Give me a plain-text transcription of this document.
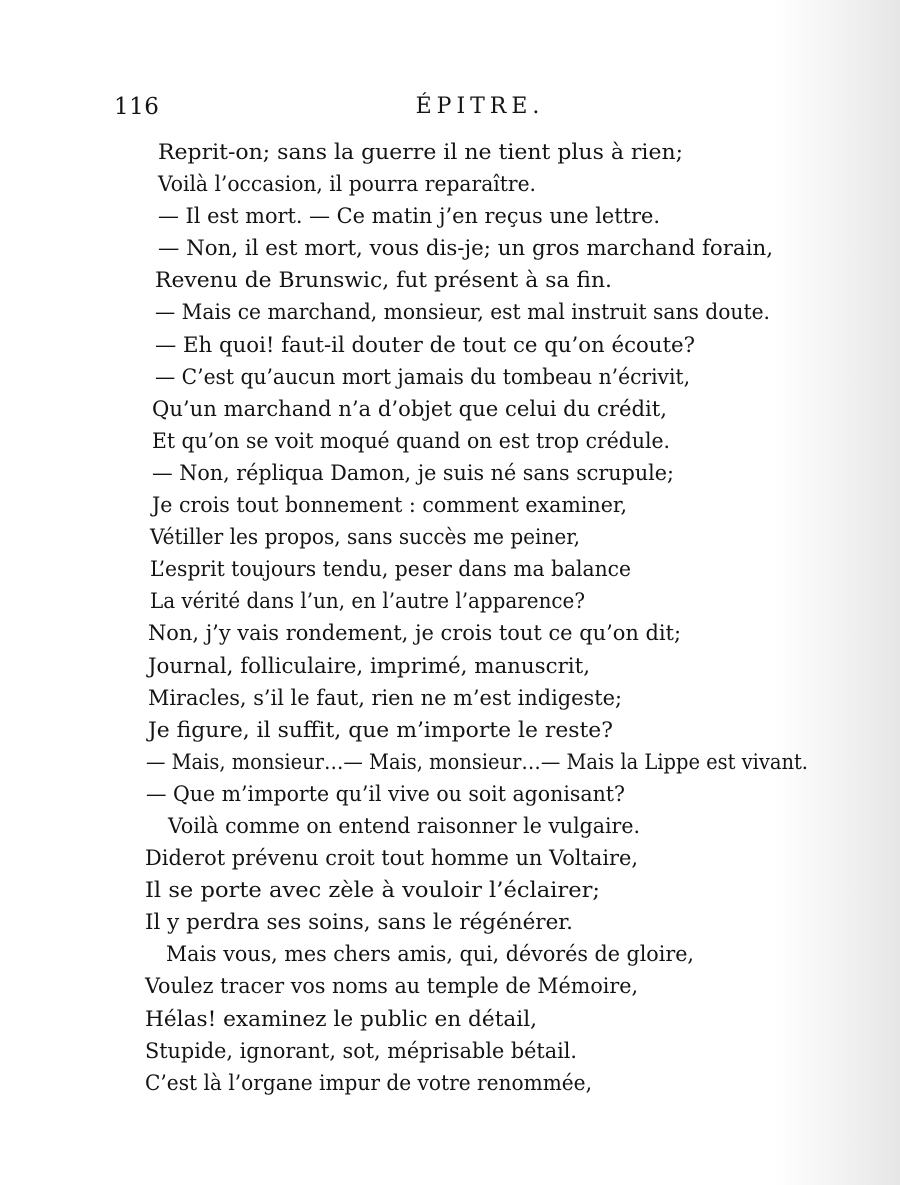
116	ÉPITRE.
Reprit-on; sans la guerre il ne tient plus à rien;
Voilà l’occasion, il pourra reparaître.
— Il est mort. — Ce matin j’en reçus une lettre.
— Non, il est mort, vous dis-je; un gros marchand forain,
Revenu de Brunswic, fut présent à sa fin.
— Mais ce marchand, monsieur, est mal instruit sans doute.
— Eh quoi! faut-il douter de tout ce qu’on écoute?
— C’est qu’aucun mort jamais du tombeau n’écrivit,
Qu’un marchand n’a d’objet que celui du crédit,
Et qu’on se voit moqué quand on est trop crédule.
— Non, répliqua Damon, je suis né sans scrupule;
Je crois tout bonnement : comment examiner,
Vétiller les propos, sans succès me peiner,
L’esprit toujours tendu, peser dans ma balance
La vérité dans l’un, en l’autre l’apparence?
Non, j’y vais rondement, je crois tout ce qu’on dit;
Journal, folliculaire, imprimé, manuscrit,
Miracles, s’il le faut, rien ne m’est indigeste;
Je figure, il suffit, que m’importe le reste?
— Mais, monsieur…— Mais, monsieur…— Mais la Lippe est vivant.
— Que m’importe qu’il vive ou soit agonisant?
Voilà comme on entend raisonner le vulgaire.
Diderot prévenu croit tout homme un Voltaire,
Il se porte avec zèle à vouloir l’éclairer;
Il y perdra ses soins, sans le régénérer.
Mais vous, mes chers amis, qui, dévorés de gloire,
Voulez tracer vos noms au temple de Mémoire,
Hélas! examinez le public en détail,
Stupide, ignorant, sot, méprisable bétail.
C’est là l’organe impur de votre renommée,
